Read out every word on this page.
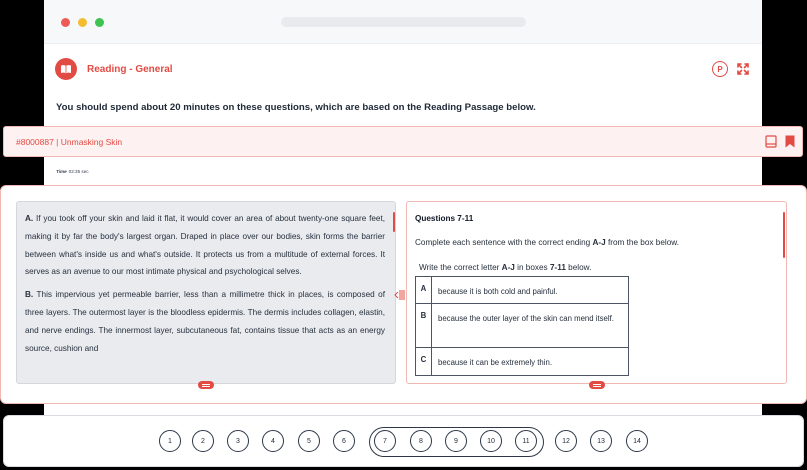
Reading - General	P
You should spend about 20 minutes on these questions, which are based on the Reading Passage below.
#8000887 | Unmasking Skin
Time 02:35 sec

A. If you took off your skin and laid it flat, it would cover an area of about twenty-one square feet, making it by far the body's largest organ. Draped in place over our bodies, skin forms the barrier between what's inside us and what's outside. It protects us from a multitude of external forces. It serves as an avenue to our most intimate physical and psychological selves.

B. This impervious yet permeable barrier, less than a millimetre thick in places, is composed of three layers. The outermost layer is the bloodless epidermis. The dermis includes collagen, elastin, and nerve endings. The innermost layer, subcutaneous fat, contains tissue that acts as an energy source, cushion and

Questions 7-11
Complete each sentence with the correct ending A-J from the box below.
Write the correct letter A-J in boxes 7-11 below.
A	because it is both cold and painful.
B	because the outer layer of the skin can mend itself.
C	because it can be extremely thin.
1	2	3	4	5	6	7	8	9	10	11	12	13	14
